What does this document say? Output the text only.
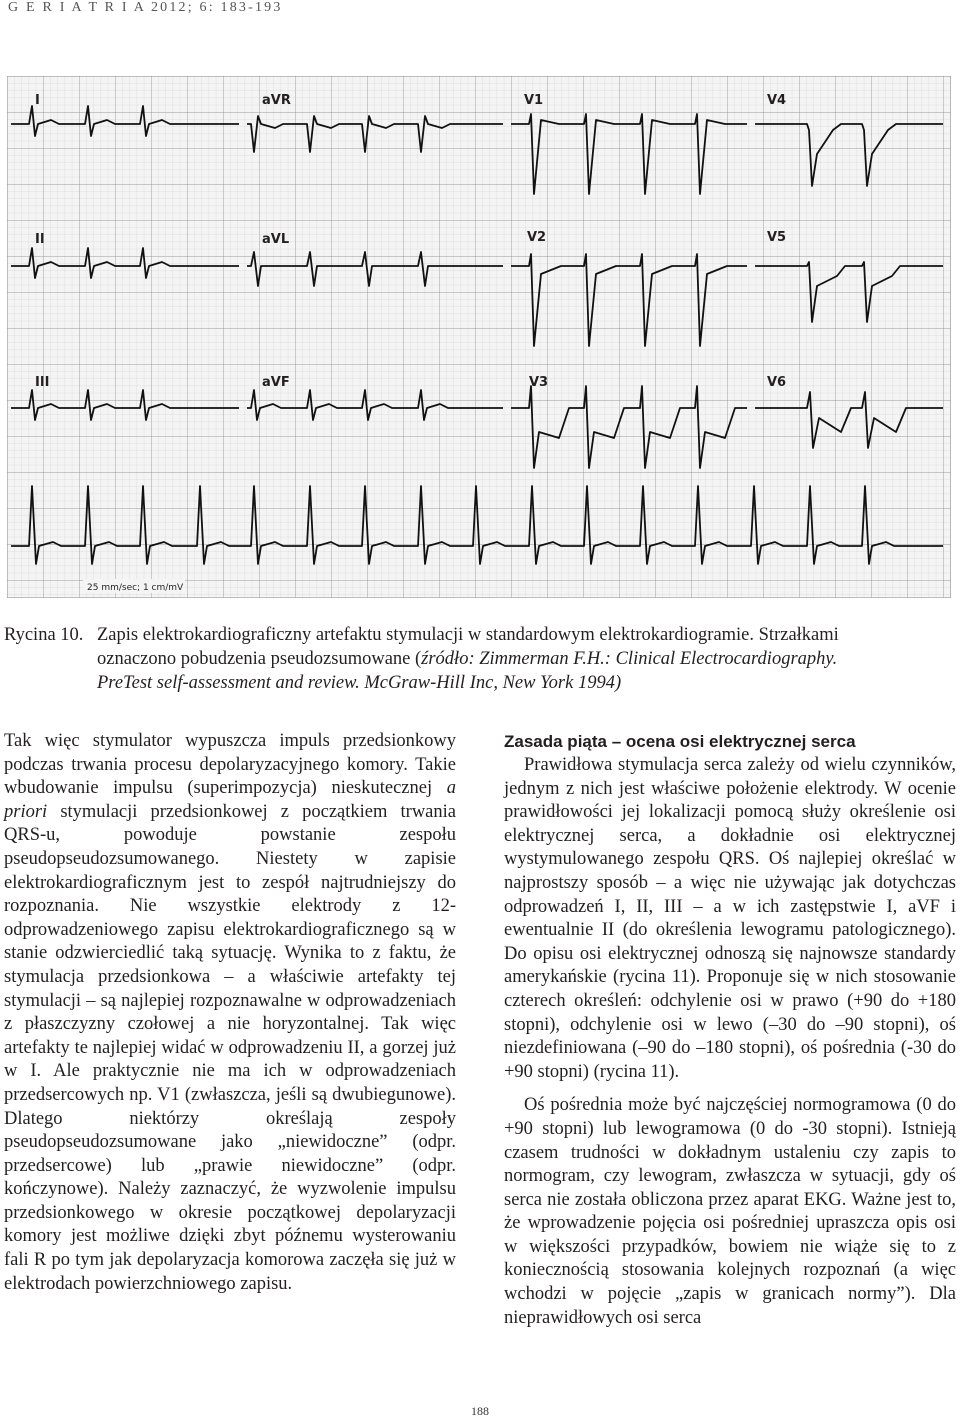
G E R I A T R I A 2012; 6: 183-193
I	aVR	V1	V4
II	aVL	V2	V5
III	aVF	V3	V6
25 mm/sec; 1 cm/mV
Rycina 10. Zapis elektrokardiograficzny artefaktu stymulacji w standardowym elektrokardiogramie. Strzałkami
oznaczono pobudzenia pseudozsumowane (źródło: Zimmerman F.H.: Clinical Electrocardiography.
PreTest self-assessment and review. McGraw-Hill Inc, New York 1994)

Tak więc stymulator wypuszcza impuls przedsionkowy podczas trwania procesu depolaryzacyjnego komory. Takie wbudowanie impulsu (superimpozycja) nieskutecznej a priori stymulacji przedsionkowej z początkiem trwania QRS-u, powoduje powstanie zespołu pseudopseudozsumowanego. Niestety w zapisie elektrokardiograficznym jest to zespół najtrudniejszy do rozpoznania. Nie wszystkie elektrody z 12-odprowadzeniowego zapisu elektrokardiograficznego są w stanie odzwierciedlić taką sytuację. Wynika to z faktu, że stymulacja przedsionkowa – a właściwie artefakty tej stymulacji – są najlepiej rozpoznawalne w odprowadzeniach z płaszczyzny czołowej a nie horyzontalnej. Tak więc artefakty te najlepiej widać w odprowadzeniu II, a gorzej już w I. Ale praktycznie nie ma ich w odprowadzeniach przedsercowych np. V1 (zwłaszcza, jeśli są dwubiegunowe). Dlatego niektórzy określają zespoły pseudopseudozsumowane jako „niewidoczne” (odpr. przedsercowe) lub „prawie niewidoczne” (odpr. kończynowe). Należy zaznaczyć, że wyzwolenie impulsu przedsionkowego w okresie początkowej depolaryzacji komory jest możliwe dzięki zbyt późnemu wysterowaniu fali R po tym jak depolaryzacja komorowa zaczęła się już w elektrodach powierzchniowego zapisu.

Zasada piąta – ocena osi elektrycznej serca

Prawidłowa stymulacja serca zależy od wielu czynników, jednym z nich jest właściwe położenie elektrody. W ocenie prawidłowości jej lokalizacji pomocą służy określenie osi elektrycznej serca, a dokładnie osi elektrycznej wystymulowanego zespołu QRS. Oś najlepiej określać w najprostszy sposób – a więc nie używając jak dotychczas odprowadzeń I, II, III – a w ich zastępstwie I, aVF i ewentualnie II (do określenia lewogramu patologicznego). Do opisu osi elektrycznej odnoszą się najnowsze standardy amerykańskie (rycina 11). Proponuje się w nich stosowanie czterech określeń: odchylenie osi w prawo (+90 do +180 stopni), odchylenie osi w lewo (–30 do –90 stopni), oś niezdefiniowana (–90 do –180 stopni), oś pośrednia (-30 do +90 stopni) (rycina 11).

Oś pośrednia może być najczęściej normogramowa (0 do +90 stopni) lub lewogramowa (0 do -30 stopni). Istnieją czasem trudności w dokładnym ustaleniu czy zapis to normogram, czy lewogram, zwłaszcza w sytuacji, gdy oś serca nie została obliczona przez aparat EKG. Ważne jest to, że wprowadzenie pojęcia osi pośredniej upraszcza opis osi w większości przypadków, bowiem nie wiąże się to z koniecznością stosowania kolejnych rozpoznań (a więc wchodzi w pojęcie „zapis w granicach normy”). Dla nieprawidłowych osi serca

188
